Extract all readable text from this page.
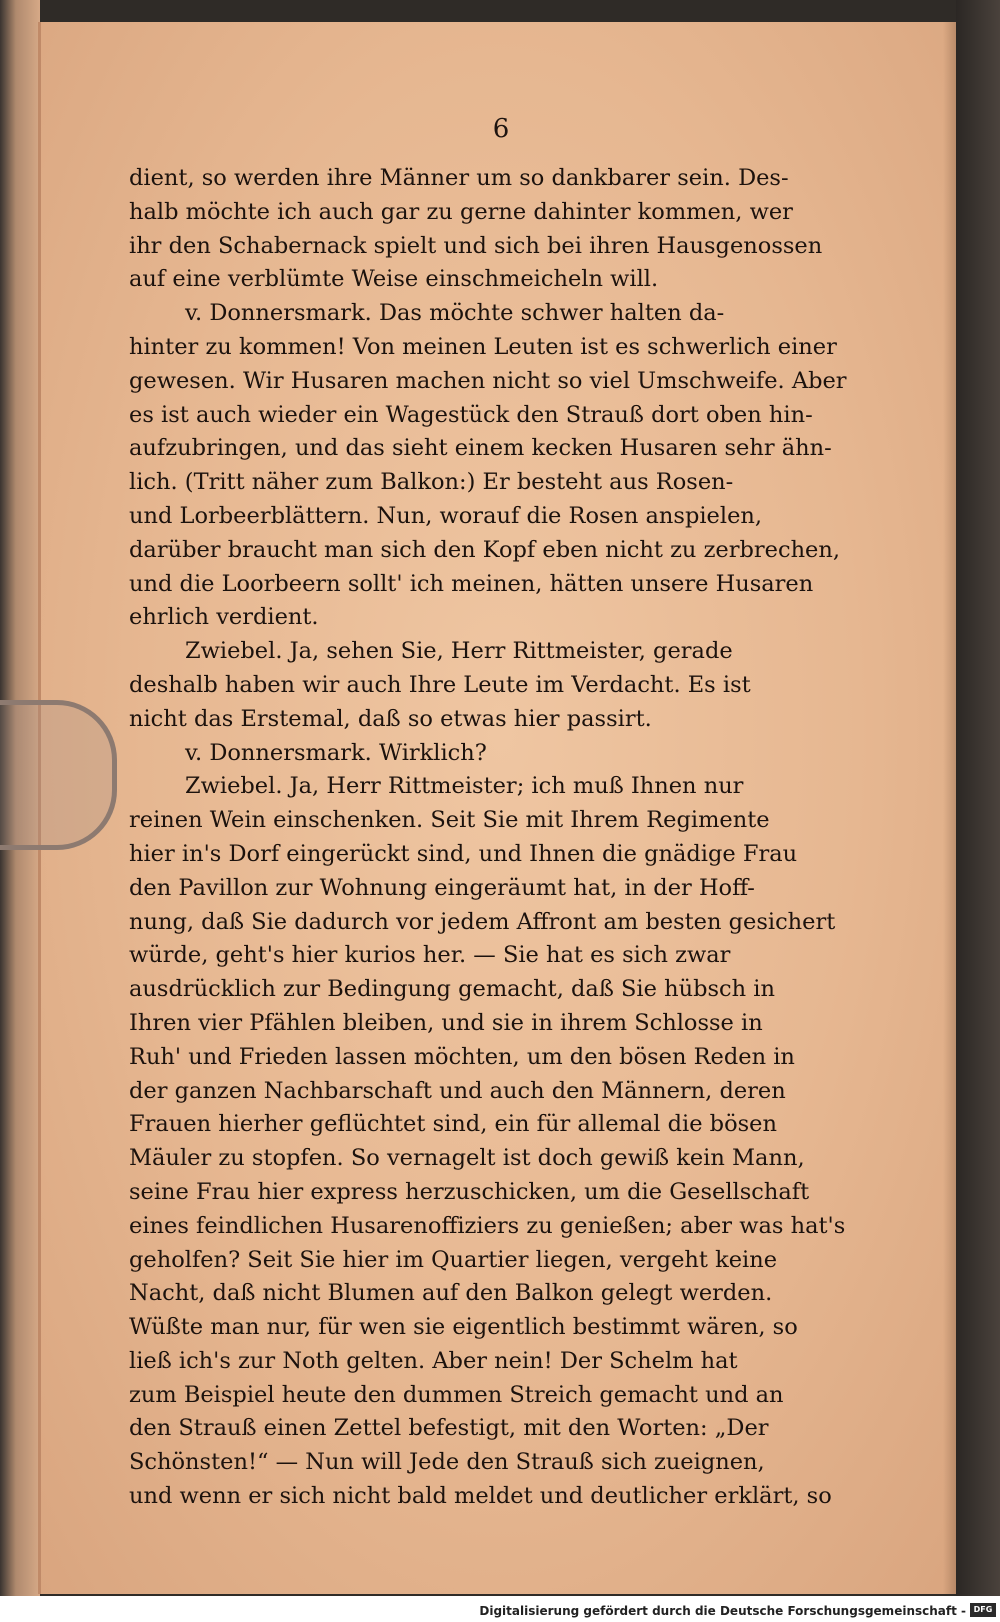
6
dient, so werden ihre Männer um so dankbarer sein. Des-
halb möchte ich auch gar zu gerne dahinter kommen, wer
ihr den Schabernack spielt und sich bei ihren Hausgenossen
auf eine verblümte Weise einschmeicheln will.
v. Donnersmark. Das möchte schwer halten da-
hinter zu kommen! Von meinen Leuten ist es schwerlich einer
gewesen. Wir Husaren machen nicht so viel Umschweife. Aber
es ist auch wieder ein Wagestück den Strauß dort oben hin-
aufzubringen, und das sieht einem kecken Husaren sehr ähn-
lich. (Tritt näher zum Balkon:) Er besteht aus Rosen-
und Lorbeerblättern. Nun, worauf die Rosen anspielen,
darüber braucht man sich den Kopf eben nicht zu zerbrechen,
und die Loorbeern sollt' ich meinen, hätten unsere Husaren
ehrlich verdient.
Zwiebel. Ja, sehen Sie, Herr Rittmeister, gerade
deshalb haben wir auch Ihre Leute im Verdacht. Es ist
nicht das Erstemal, daß so etwas hier passirt.
v. Donnersmark. Wirklich?
Zwiebel. Ja, Herr Rittmeister; ich muß Ihnen nur
reinen Wein einschenken. Seit Sie mit Ihrem Regimente
hier in's Dorf eingerückt sind, und Ihnen die gnädige Frau
den Pavillon zur Wohnung eingeräumt hat, in der Hoff-
nung, daß Sie dadurch vor jedem Affront am besten gesichert
würde, geht's hier kurios her. — Sie hat es sich zwar
ausdrücklich zur Bedingung gemacht, daß Sie hübsch in
Ihren vier Pfählen bleiben, und sie in ihrem Schlosse in
Ruh' und Frieden lassen möchten, um den bösen Reden in
der ganzen Nachbarschaft und auch den Männern, deren
Frauen hierher geflüchtet sind, ein für allemal die bösen
Mäuler zu stopfen. So vernagelt ist doch gewiß kein Mann,
seine Frau hier express herzuschicken, um die Gesellschaft
eines feindlichen Husarenoffiziers zu genießen; aber was hat's
geholfen? Seit Sie hier im Quartier liegen, vergeht keine
Nacht, daß nicht Blumen auf den Balkon gelegt werden.
Wüßte man nur, für wen sie eigentlich bestimmt wären, so
ließ ich's zur Noth gelten. Aber nein! Der Schelm hat
zum Beispiel heute den dummen Streich gemacht und an
den Strauß einen Zettel befestigt, mit den Worten: „Der
Schönsten!“ — Nun will Jede den Strauß sich zueignen,
und wenn er sich nicht bald meldet und deutlicher erklärt, so
Digitalisierung gefördert durch die Deutsche Forschungsgemeinschaft - DFG
